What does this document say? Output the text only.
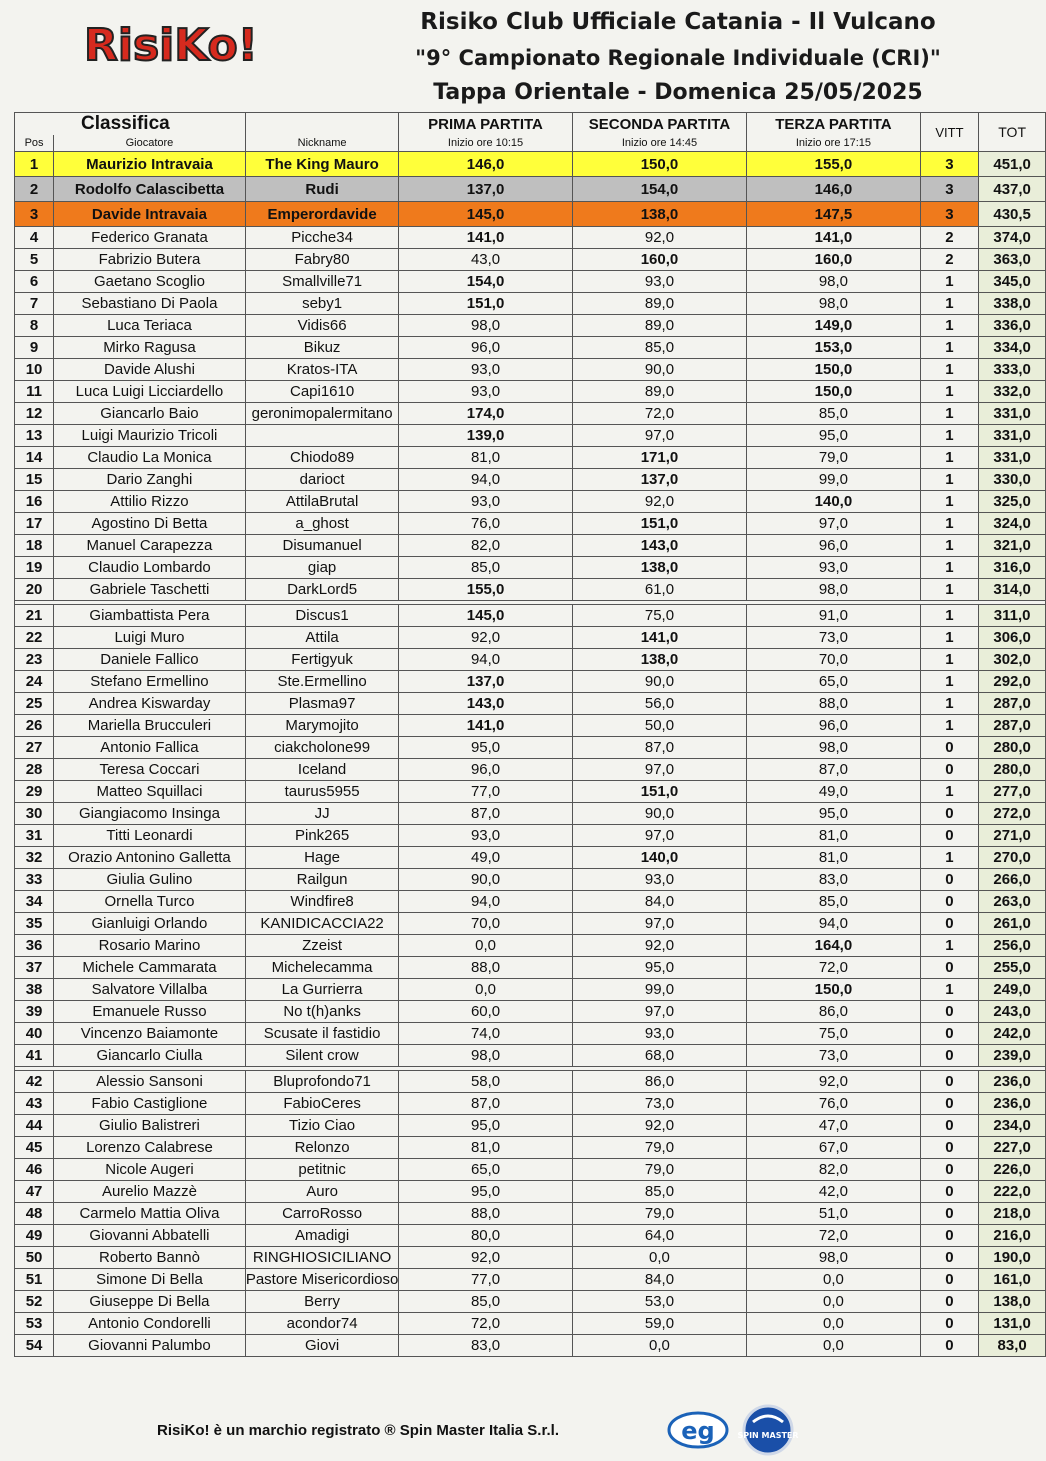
RisiKo!	Risiko Club Ufficiale Catania - Il Vulcano
"9° Campionato Regionale Individuale (CRI)"
Tappa Orientale - Domenica 25/05/2025
Classifica			PRIMA PARTITA	SECONDA PARTITA	TERZA PARTITA	VITT	TOT
Pos	Giocatore	Nickname	Inizio ore 10:15	Inizio ore 14:45	Inizio ore 17:15		
1	Maurizio Intravaia	The King Mauro	146,0	150,0	155,0	3	451,0
2	Rodolfo Calascibetta	Rudi	137,0	154,0	146,0	3	437,0
3	Davide Intravaia	Emperordavide	145,0	138,0	147,5	3	430,5
4	Federico Granata	Picche34	141,0	92,0	141,0	2	374,0
5	Fabrizio Butera	Fabry80	43,0	160,0	160,0	2	363,0
6	Gaetano Scoglio	Smallville71	154,0	93,0	98,0	1	345,0
7	Sebastiano Di Paola	seby1	151,0	89,0	98,0	1	338,0
8	Luca Teriaca	Vidis66	98,0	89,0	149,0	1	336,0
9	Mirko Ragusa	Bikuz	96,0	85,0	153,0	1	334,0
10	Davide Alushi	Kratos-ITA	93,0	90,0	150,0	1	333,0
11	Luca Luigi Licciardello	Capi1610	93,0	89,0	150,0	1	332,0
12	Giancarlo Baio	geronimopalermitano	174,0	72,0	85,0	1	331,0
13	Luigi Maurizio Tricoli		139,0	97,0	95,0	1	331,0
14	Claudio La Monica	Chiodo89	81,0	171,0	79,0	1	331,0
15	Dario Zanghi	darioct	94,0	137,0	99,0	1	330,0
16	Attilio Rizzo	AttilaBrutal	93,0	92,0	140,0	1	325,0
17	Agostino Di Betta	a_ghost	76,0	151,0	97,0	1	324,0
18	Manuel Carapezza	Disumanuel	82,0	143,0	96,0	1	321,0
19	Claudio Lombardo	giap	85,0	138,0	93,0	1	316,0
20	Gabriele Taschetti	DarkLord5	155,0	61,0	98,0	1	314,0

21	Giambattista Pera	Discus1	145,0	75,0	91,0	1	311,0
22	Luigi Muro	Attila	92,0	141,0	73,0	1	306,0
23	Daniele Fallico	Fertigyuk	94,0	138,0	70,0	1	302,0
24	Stefano Ermellino	Ste.Ermellino	137,0	90,0	65,0	1	292,0
25	Andrea Kiswarday	Plasma97	143,0	56,0	88,0	1	287,0
26	Mariella Brucculeri	Marymojito	141,0	50,0	96,0	1	287,0
27	Antonio Fallica	ciakcholone99	95,0	87,0	98,0	0	280,0
28	Teresa Coccari	Iceland	96,0	97,0	87,0	0	280,0
29	Matteo Squillaci	taurus5955	77,0	151,0	49,0	1	277,0
30	Giangiacomo Insinga	JJ	87,0	90,0	95,0	0	272,0
31	Titti Leonardi	Pink265	93,0	97,0	81,0	0	271,0
32	Orazio Antonino Galletta	Hage	49,0	140,0	81,0	1	270,0
33	Giulia Gulino	Railgun	90,0	93,0	83,0	0	266,0
34	Ornella Turco	Windfire8	94,0	84,0	85,0	0	263,0
35	Gianluigi Orlando	KANIDICACCIA22	70,0	97,0	94,0	0	261,0
36	Rosario Marino	Zzeist	0,0	92,0	164,0	1	256,0
37	Michele Cammarata	Michelecamma	88,0	95,0	72,0	0	255,0
38	Salvatore Villalba	La Gurrierra	0,0	99,0	150,0	1	249,0
39	Emanuele Russo	No t(h)anks	60,0	97,0	86,0	0	243,0
40	Vincenzo Baiamonte	Scusate il fastidio	74,0	93,0	75,0	0	242,0
41	Giancarlo Ciulla	Silent crow	98,0	68,0	73,0	0	239,0

42	Alessio Sansoni	Bluprofondo71	58,0	86,0	92,0	0	236,0
43	Fabio Castiglione	FabioCeres	87,0	73,0	76,0	0	236,0
44	Giulio Balistreri	Tizio Ciao	95,0	92,0	47,0	0	234,0
45	Lorenzo Calabrese	Relonzo	81,0	79,0	67,0	0	227,0
46	Nicole Augeri	petitnic	65,0	79,0	82,0	0	226,0
47	Aurelio Mazzè	Auro	95,0	85,0	42,0	0	222,0
48	Carmelo Mattia Oliva	CarroRosso	88,0	79,0	51,0	0	218,0
49	Giovanni Abbatelli	Amadigi	80,0	64,0	72,0	0	216,0
50	Roberto Bannò	RINGHIOSICILIANO	92,0	0,0	98,0	0	190,0
51	Simone Di Bella	Pastore Misericordioso	77,0	84,0	0,0	0	161,0
52	Giuseppe Di Bella	Berry	85,0	53,0	0,0	0	138,0
53	Antonio Condorelli	acondor74	72,0	59,0	0,0	0	131,0
54	Giovanni Palumbo	Giovi	83,0	0,0	0,0	0	83,0
RisiKo! è un marchio registrato ® Spin Master Italia S.r.l.	eg	SPIN MASTER
